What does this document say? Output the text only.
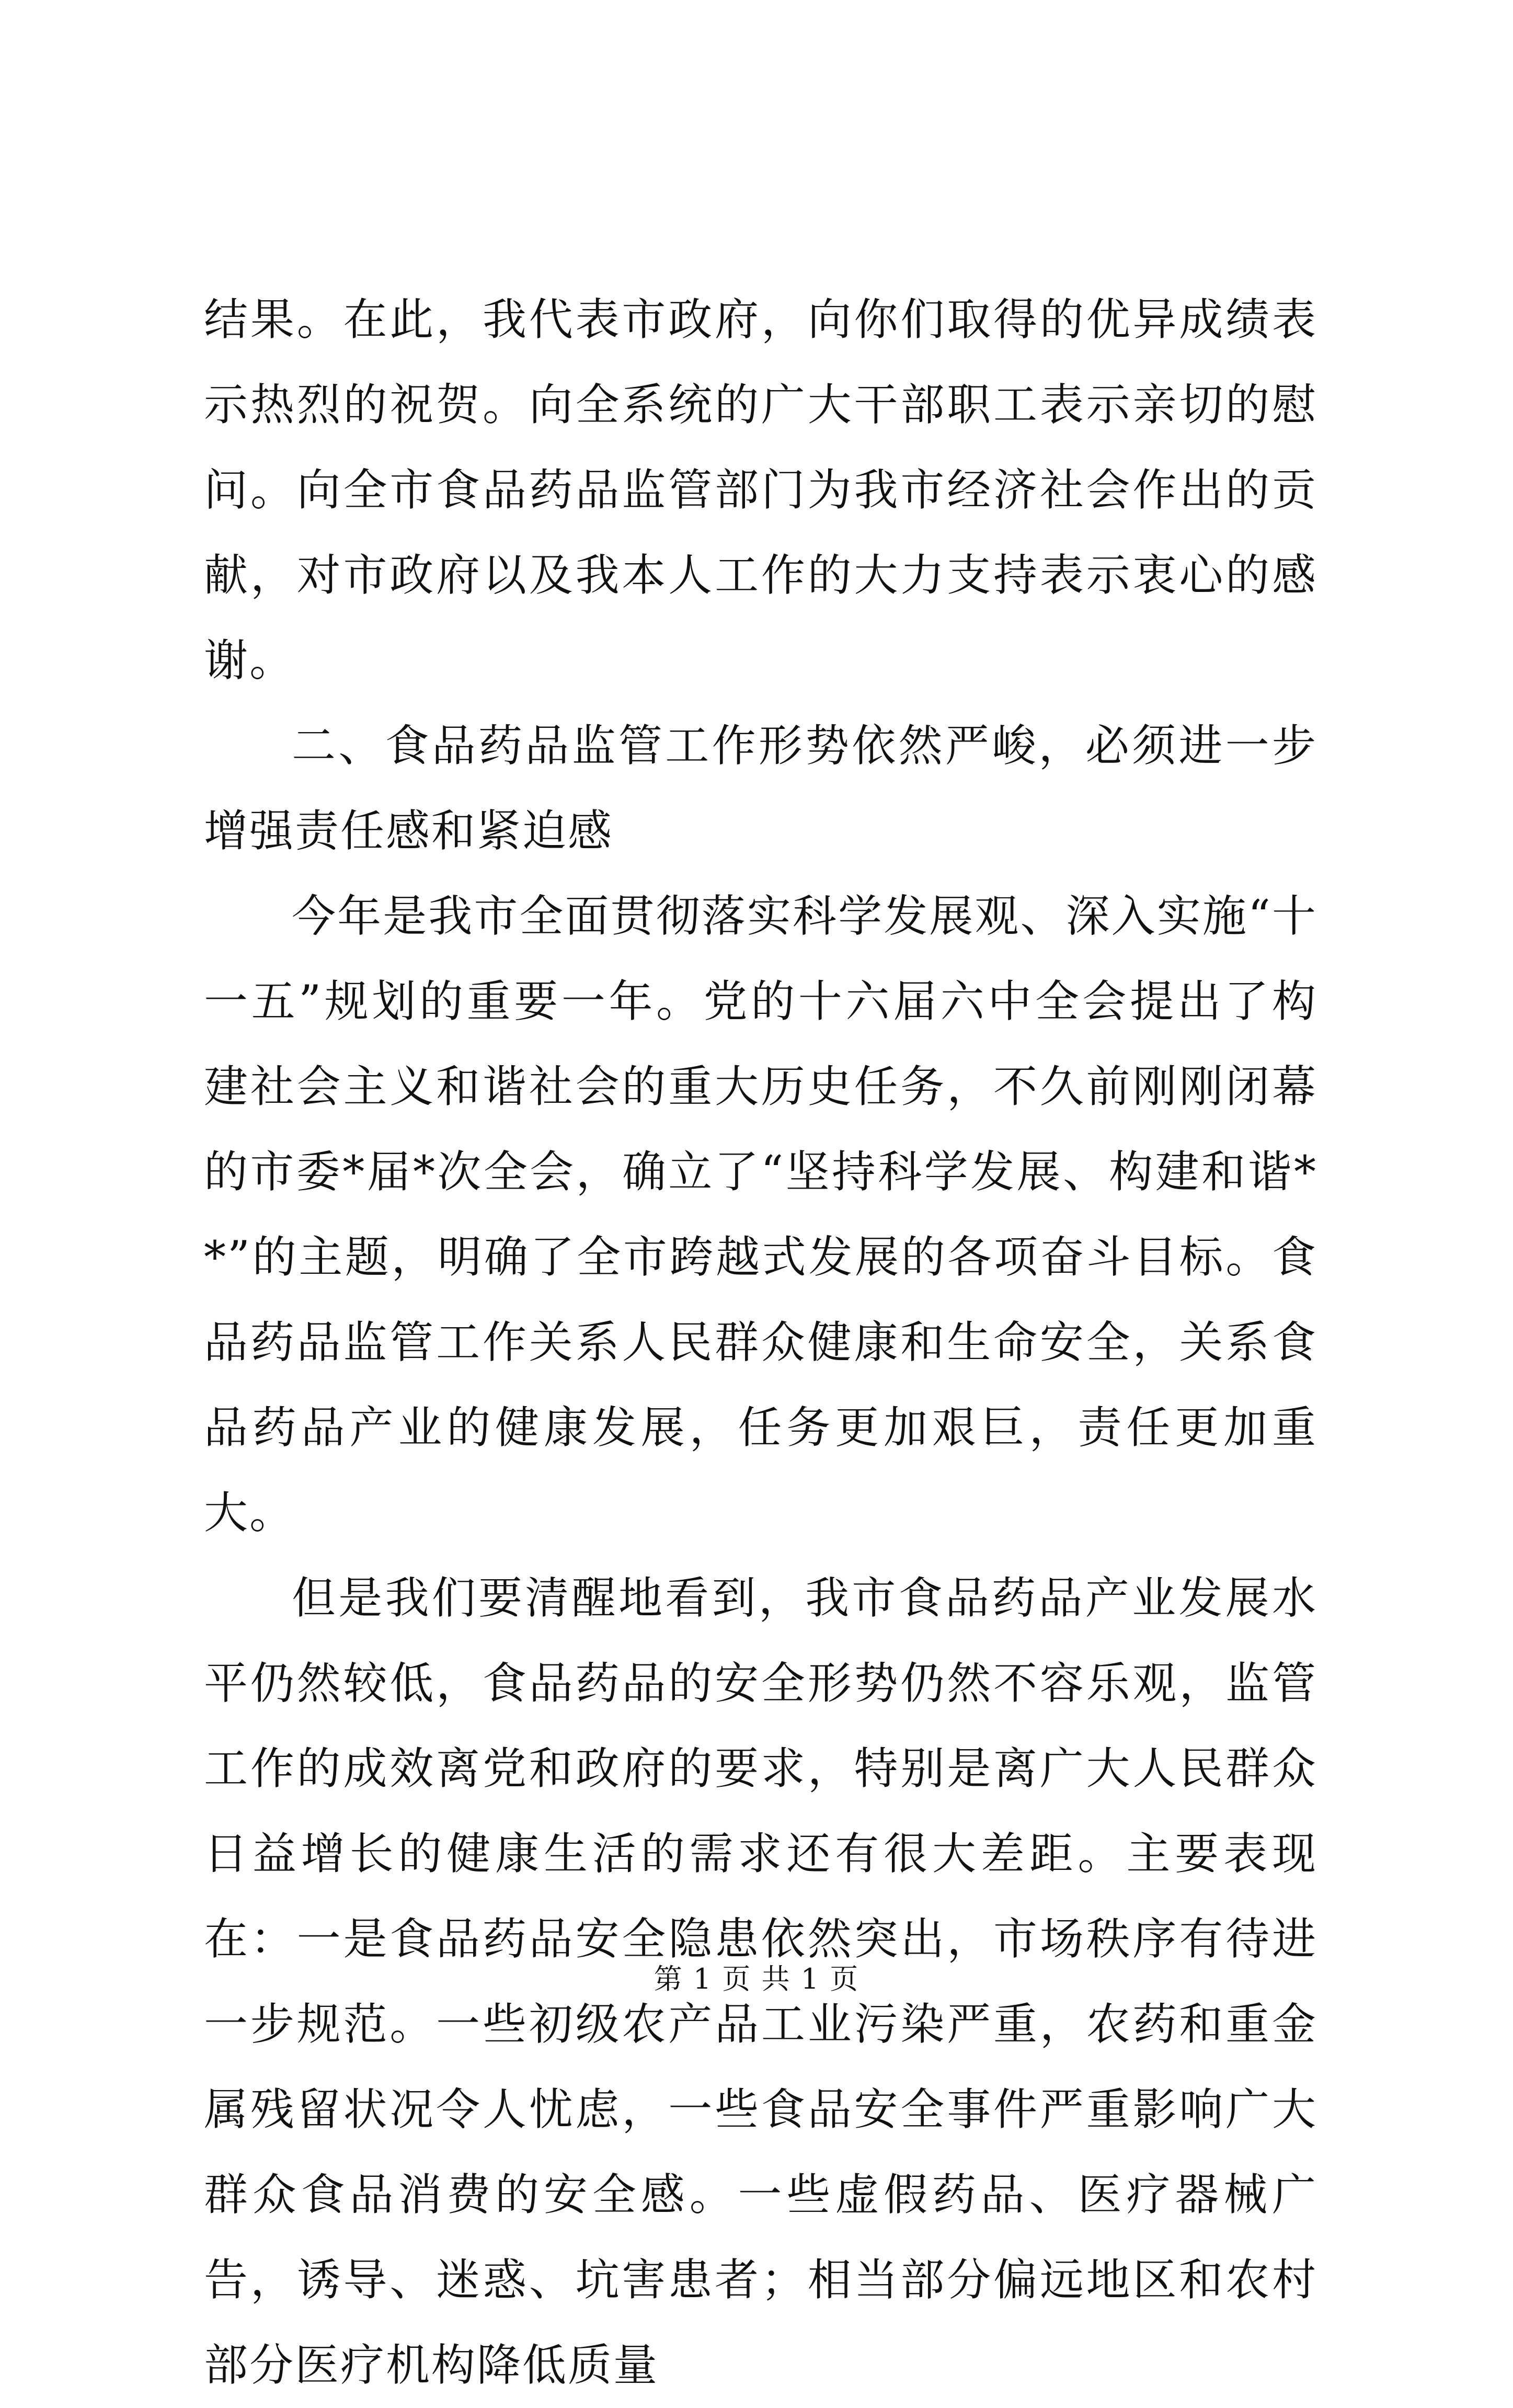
结果。在此，我代表市政府，向你们取得的优异成绩表示热烈的祝贺。向全系统的广大干部职工表示亲切的慰问。向全市食品药品监管部门为我市经济社会作出的贡献，对市政府以及我本人工作的大力支持表示衷心的感谢。

二、食品药品监管工作形势依然严峻，必须进一步增强责任感和紧迫感

今年是我市全面贯彻落实科学发展观、深入实施“十一五”规划的重要一年。党的十六届六中全会提出了构建社会主义和谐社会的重大历史任务，不久前刚刚闭幕的市委*届*次全会，确立了“坚持科学发展、构建和谐**”的主题，明确了全市跨越式发展的各项奋斗目标。食品药品监管工作关系人民群众健康和生命安全，关系食品药品产业的健康发展，任务更加艰巨，责任更加重大。

但是我们要清醒地看到，我市食品药品产业发展水平仍然较低，食品药品的安全形势仍然不容乐观，监管工作的成效离党和政府的要求，特别是离广大人民群众日益增长的健康生活的需求还有很大差距。主要表现在：一是食品药品安全隐患依然突出，市场秩序有待进一步规范。一些初级农产品工业污染严重，农药和重金属残留状况令人忧虑，一些食品安全事件严重影响广大群众食品消费的安全感。一些虚假药品、医疗器械广告，诱导、迷惑、坑害患者；相当部分偏远地区和农村部分医疗机构降低质量

第 1 页 共 1 页
